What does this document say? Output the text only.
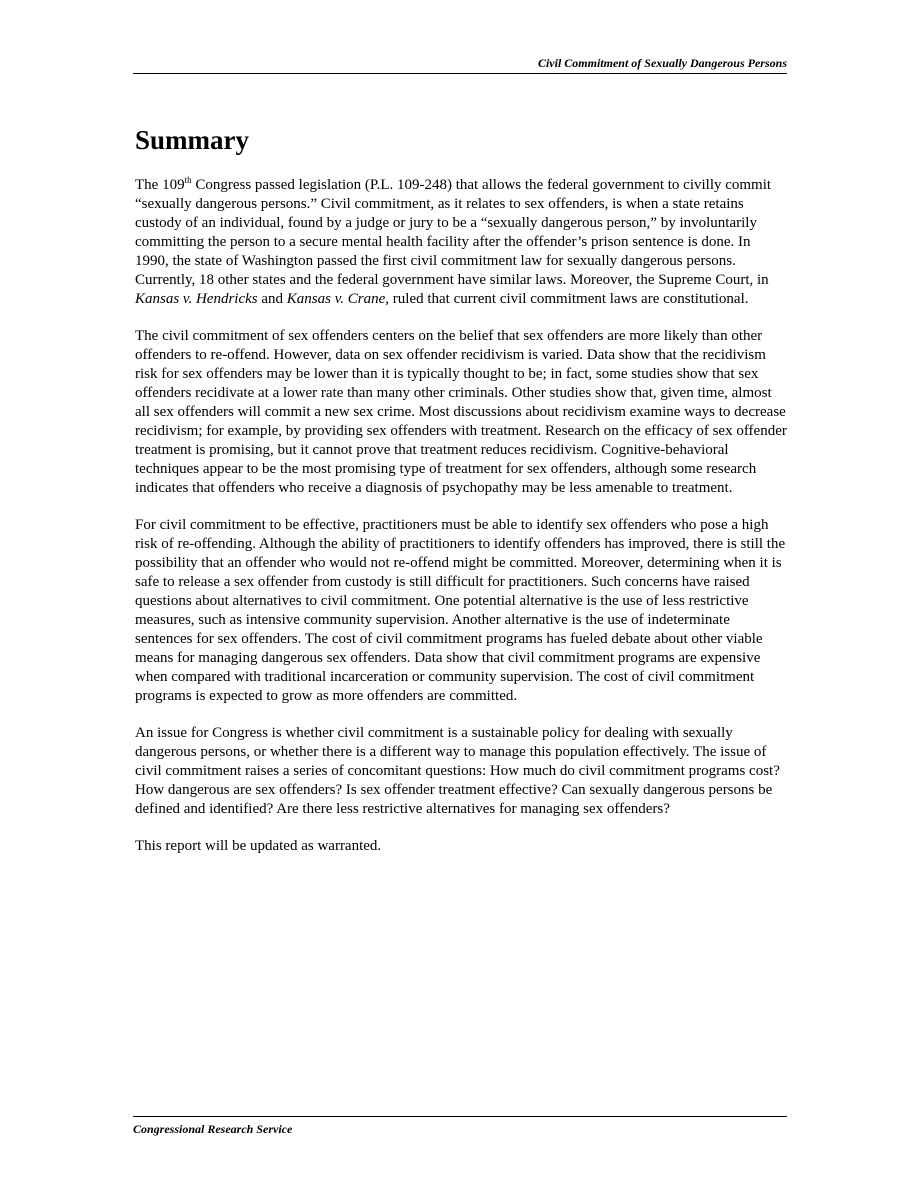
Civil Commitment of Sexually Dangerous Persons
Summary

The 109th Congress passed legislation (P.L. 109-248) that allows the federal government to civilly commit “sexually dangerous persons.” Civil commitment, as it relates to sex offenders, is when a state retains custody of an individual, found by a judge or jury to be a “sexually dangerous person,” by involuntarily committing the person to a secure mental health facility after the offender’s prison sentence is done. In 1990, the state of Washington passed the first civil commitment law for sexually dangerous persons. Currently, 18 other states and the federal government have similar laws. Moreover, the Supreme Court, in Kansas v. Hendricks and Kansas v. Crane, ruled that current civil commitment laws are constitutional.

The civil commitment of sex offenders centers on the belief that sex offenders are more likely than other offenders to re-offend. However, data on sex offender recidivism is varied. Data show that the recidivism risk for sex offenders may be lower than it is typically thought to be; in fact, some studies show that sex offenders recidivate at a lower rate than many other criminals. Other studies show that, given time, almost all sex offenders will commit a new sex crime. Most discussions about recidivism examine ways to decrease recidivism; for example, by providing sex offenders with treatment. Research on the efficacy of sex offender treatment is promising, but it cannot prove that treatment reduces recidivism. Cognitive-behavioral techniques appear to be the most promising type of treatment for sex offenders, although some research indicates that offenders who receive a diagnosis of psychopathy may be less amenable to treatment.

For civil commitment to be effective, practitioners must be able to identify sex offenders who pose a high risk of re-offending. Although the ability of practitioners to identify offenders has improved, there is still the possibility that an offender who would not re-offend might be committed. Moreover, determining when it is safe to release a sex offender from custody is still difficult for practitioners. Such concerns have raised questions about alternatives to civil commitment. One potential alternative is the use of less restrictive measures, such as intensive community supervision. Another alternative is the use of indeterminate sentences for sex offenders. The cost of civil commitment programs has fueled debate about other viable means for managing dangerous sex offenders. Data show that civil commitment programs are expensive when compared with traditional incarceration or community supervision. The cost of civil commitment programs is expected to grow as more offenders are committed.

An issue for Congress is whether civil commitment is a sustainable policy for dealing with sexually dangerous persons, or whether there is a different way to manage this population effectively. The issue of civil commitment raises a series of concomitant questions: How much do civil commitment programs cost? How dangerous are sex offenders? Is sex offender treatment effective? Can sexually dangerous persons be defined and identified? Are there less restrictive alternatives for managing sex offenders?

This report will be updated as warranted.

Congressional Research Service
